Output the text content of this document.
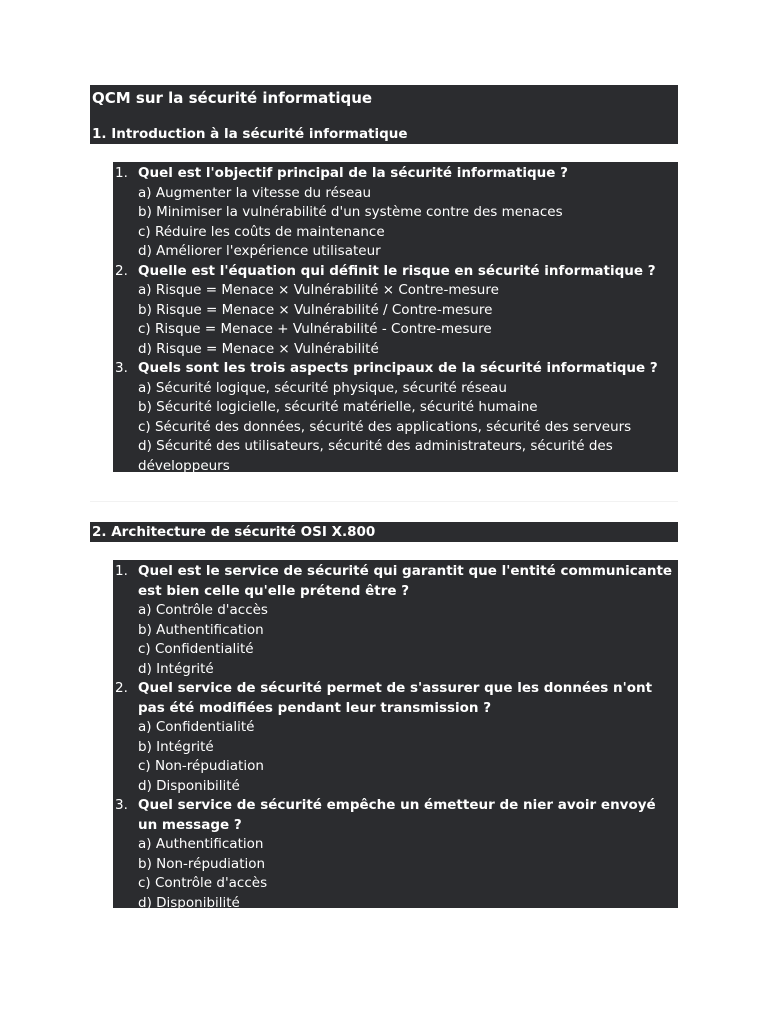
QCM sur la sécurité informatique
1. Introduction à la sécurité informatique
1. Quel est l'objectif principal de la sécurité informatique ?
a) Augmenter la vitesse du réseau
b) Minimiser la vulnérabilité d'un système contre des menaces
c) Réduire les coûts de maintenance
d) Améliorer l'expérience utilisateur
2. Quelle est l'équation qui définit le risque en sécurité informatique ?
a) Risque = Menace × Vulnérabilité × Contre-mesure
b) Risque = Menace × Vulnérabilité / Contre-mesure
c) Risque = Menace + Vulnérabilité - Contre-mesure
d) Risque = Menace × Vulnérabilité
3. Quels sont les trois aspects principaux de la sécurité informatique ?
a) Sécurité logique, sécurité physique, sécurité réseau
b) Sécurité logicielle, sécurité matérielle, sécurité humaine
c) Sécurité des données, sécurité des applications, sécurité des serveurs
d) Sécurité des utilisateurs, sécurité des administrateurs, sécurité des développeurs
2. Architecture de sécurité OSI X.800
1. Quel est le service de sécurité qui garantit que l'entité communicante est bien celle qu'elle prétend être ?
a) Contrôle d'accès
b) Authentification
c) Confidentialité
d) Intégrité
2. Quel service de sécurité permet de s'assurer que les données n'ont pas été modifiées pendant leur transmission ?
a) Confidentialité
b) Intégrité
c) Non-répudiation
d) Disponibilité
3. Quel service de sécurité empêche un émetteur de nier avoir envoyé un message ?
a) Authentification
b) Non-répudiation
c) Contrôle d'accès
d) Disponibilité
